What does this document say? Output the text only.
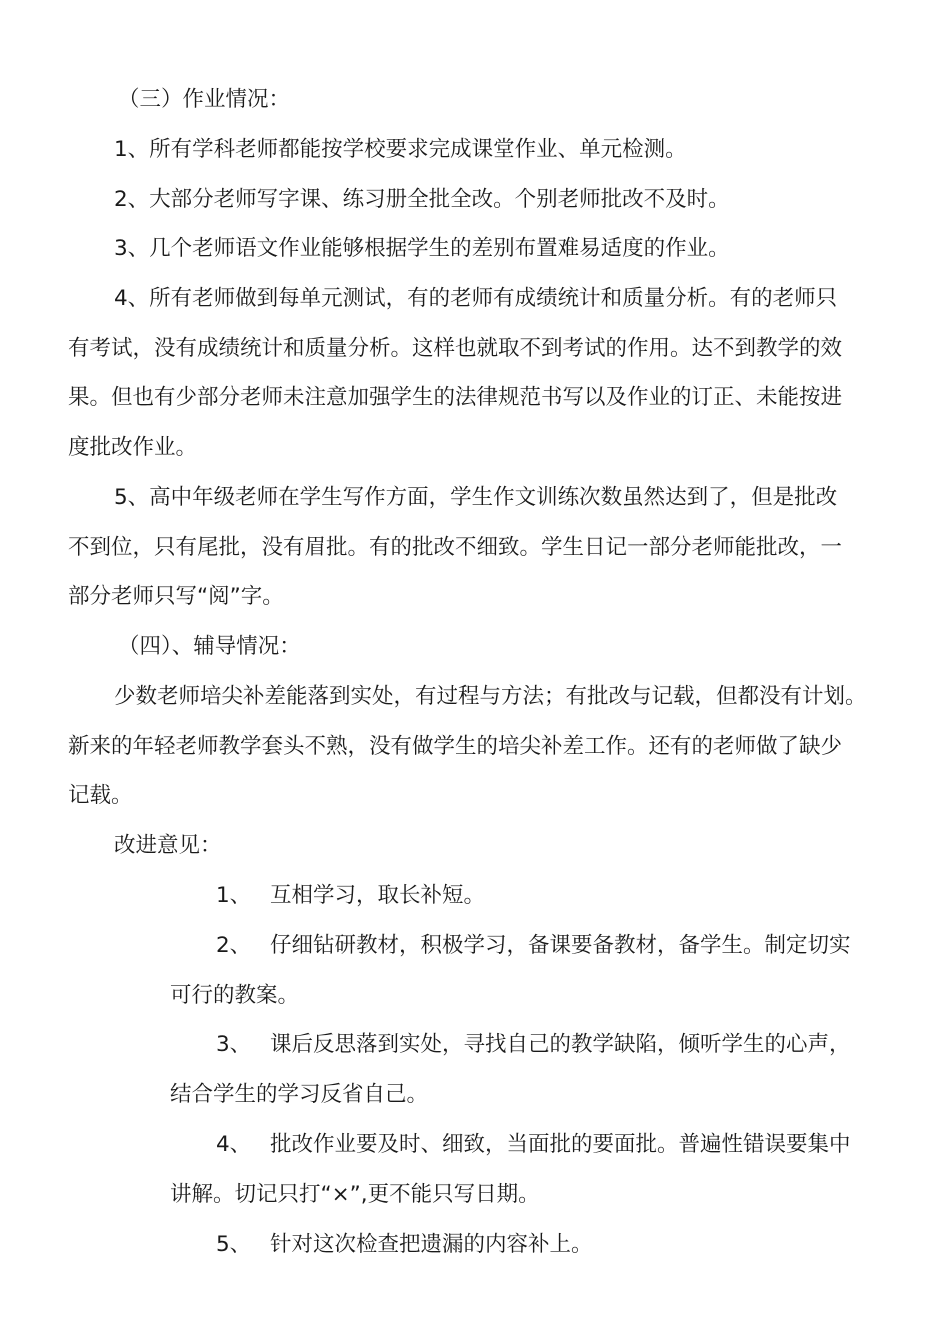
（三）作业情况：
1、所有学科老师都能按学校要求完成课堂作业、单元检测。
2、大部分老师写字课、练习册全批全改。个别老师批改不及时。
3、几个老师语文作业能够根据学生的差别布置难易适度的作业。
4、所有老师做到每单元测试，有的老师有成绩统计和质量分析。有的老师只
有考试，没有成绩统计和质量分析。这样也就取不到考试的作用。达不到教学的效
果。但也有少部分老师未注意加强学生的法律规范书写以及作业的订正、未能按进
度批改作业。
5、高中年级老师在学生写作方面，学生作文训练次数虽然达到了，但是批改
不到位，只有尾批，没有眉批。有的批改不细致。学生日记一部分老师能批改，一
部分老师只写“阅”字。
（四）、辅导情况：
少数老师培尖补差能落到实处，有过程与方法；有批改与记载，但都没有计划。
新来的年轻老师教学套头不熟，没有做学生的培尖补差工作。还有的老师做了缺少
记载。
改进意见：
1、 互相学习，取长补短。
2、 仔细钻研教材，积极学习，备课要备教材，备学生。制定切实
可行的教案。
3、 课后反思落到实处，寻找自己的教学缺陷，倾听学生的心声，
结合学生的学习反省自己。
4、 批改作业要及时、细致，当面批的要面批。普遍性错误要集中
讲解。切记只打“×”,更不能只写日期。
5、 针对这次检查把遗漏的内容补上。
